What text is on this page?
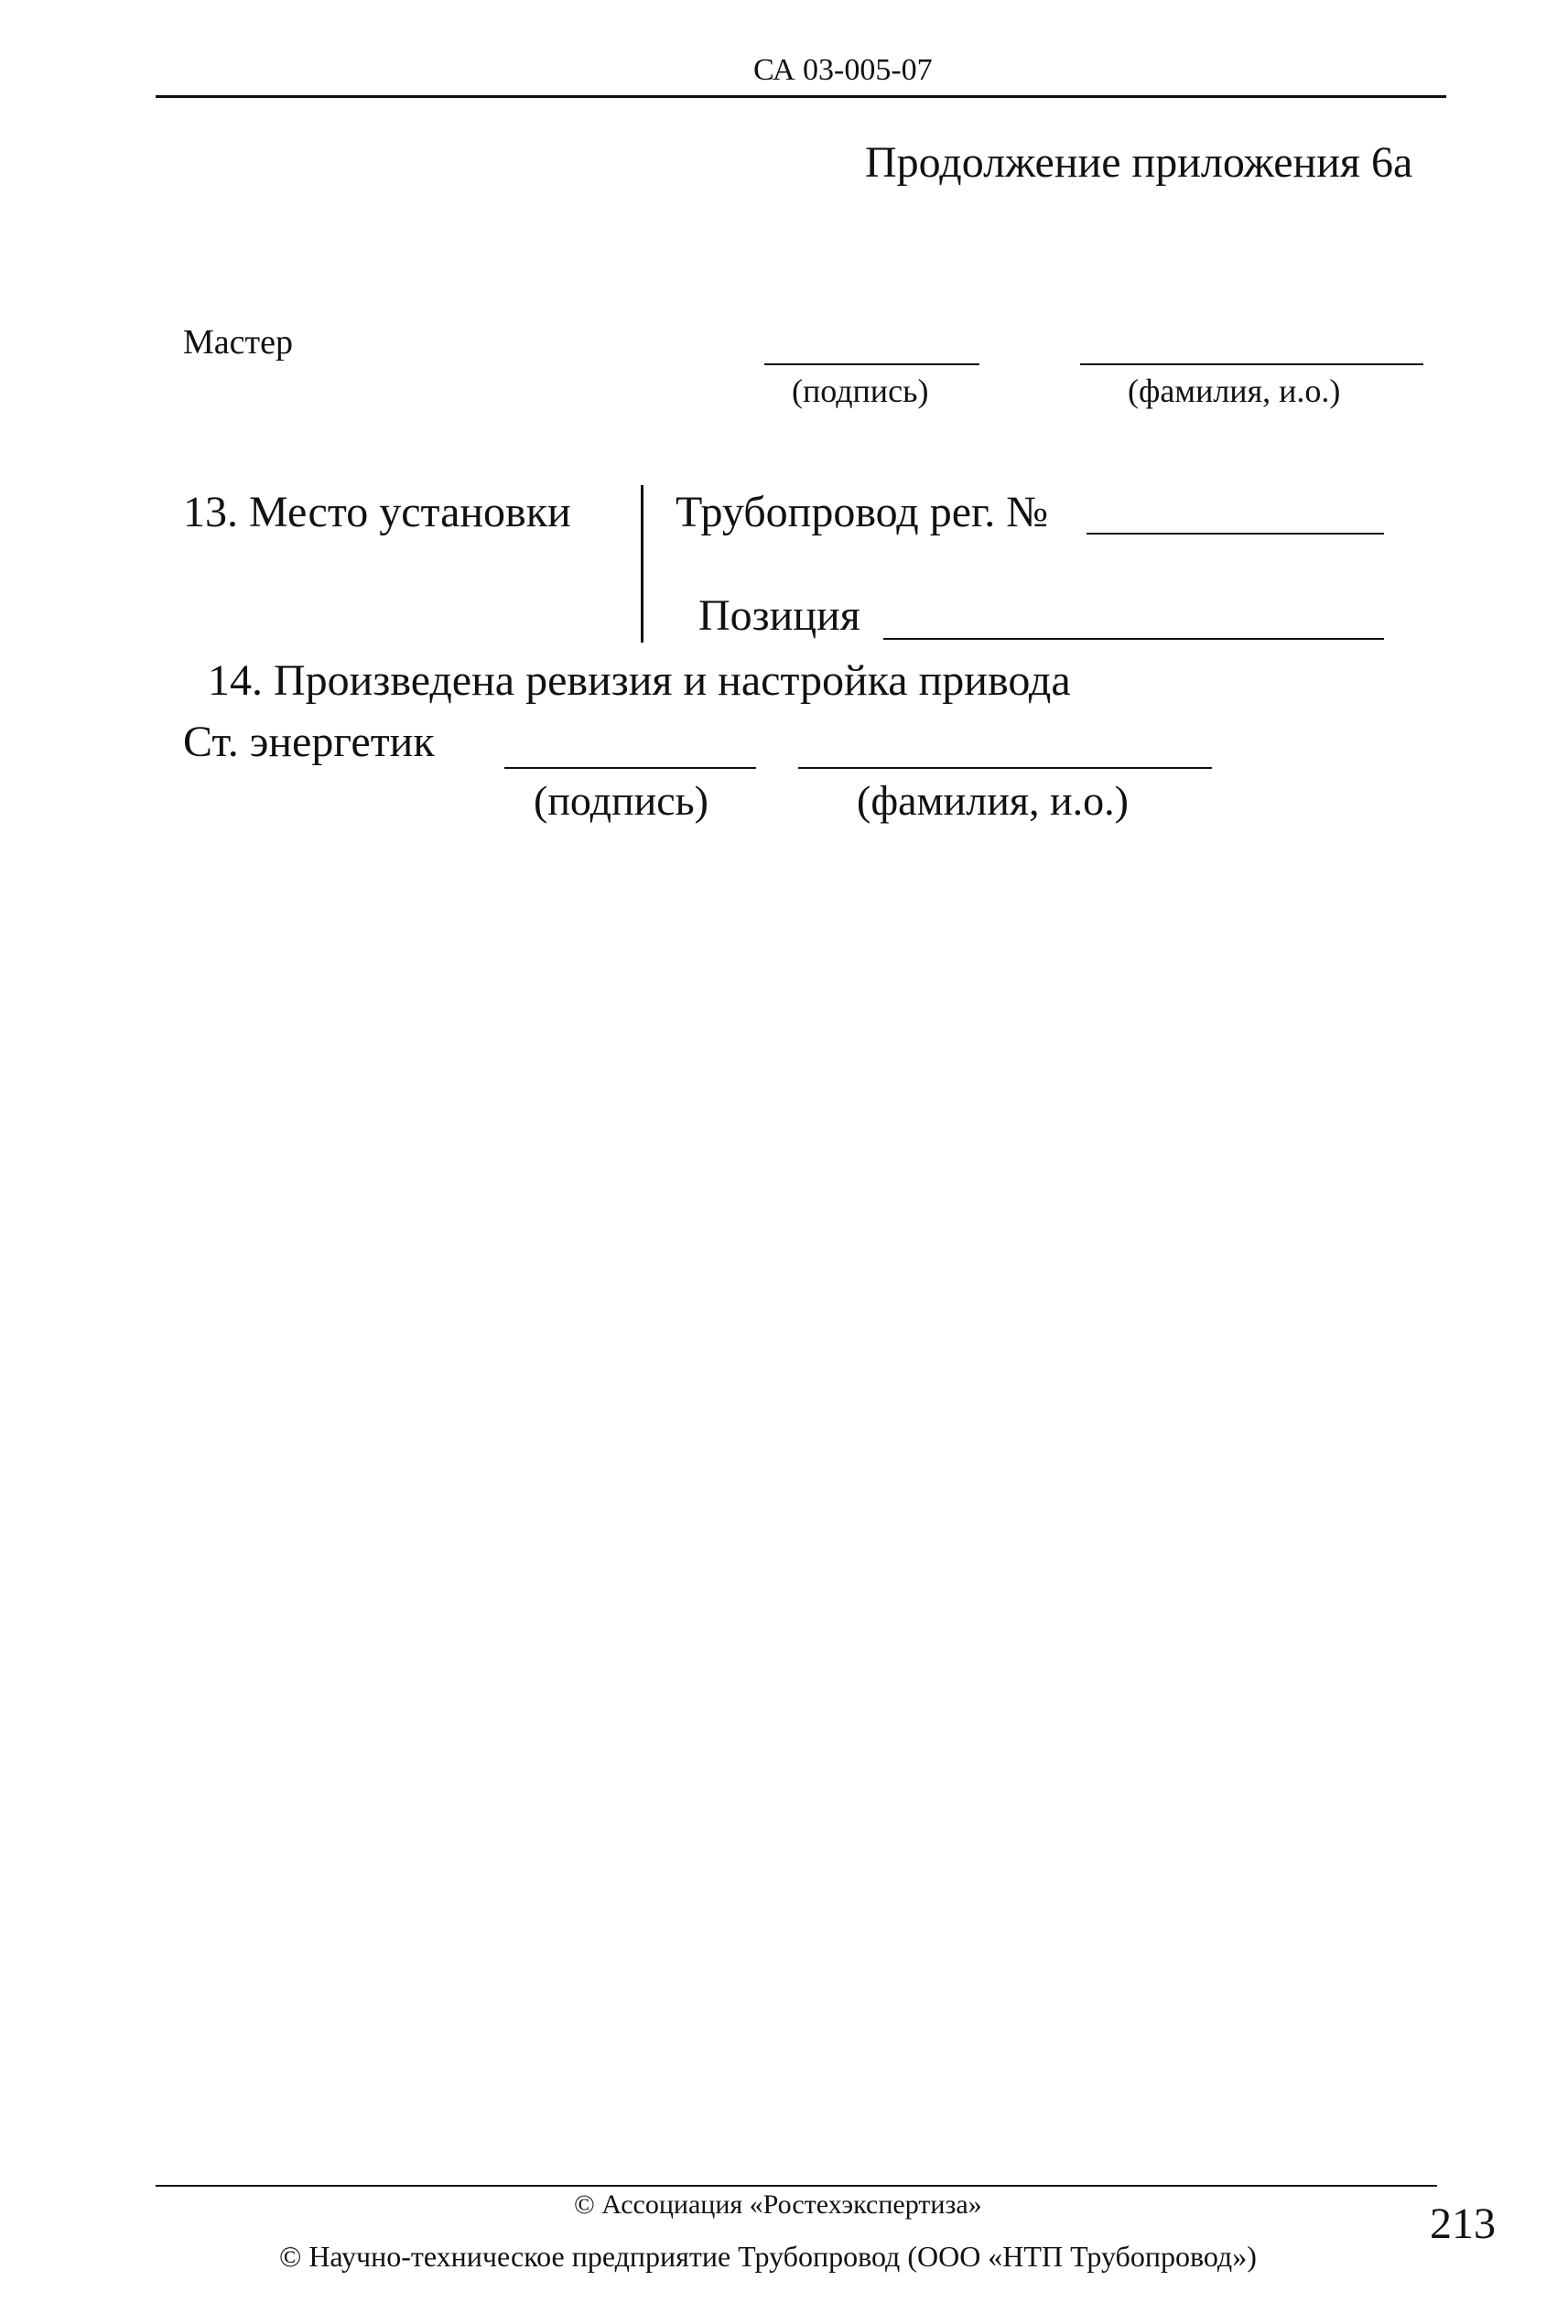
СА 03-005-07
Продолжение приложения 6а
Мастер
(подпись)	(фамилия, и.о.)
13. Место установки Трубопровод рег. №
Позиция
14. Произведена ревизия и настройка привода
Ст. энергетик
(подпись)	(фамилия, и.о.)
© Ассоциация «Ростехэкспертиза»	213
© Научно-техническое предприятие Трубопровод (ООО «НТП Трубопровод»)
